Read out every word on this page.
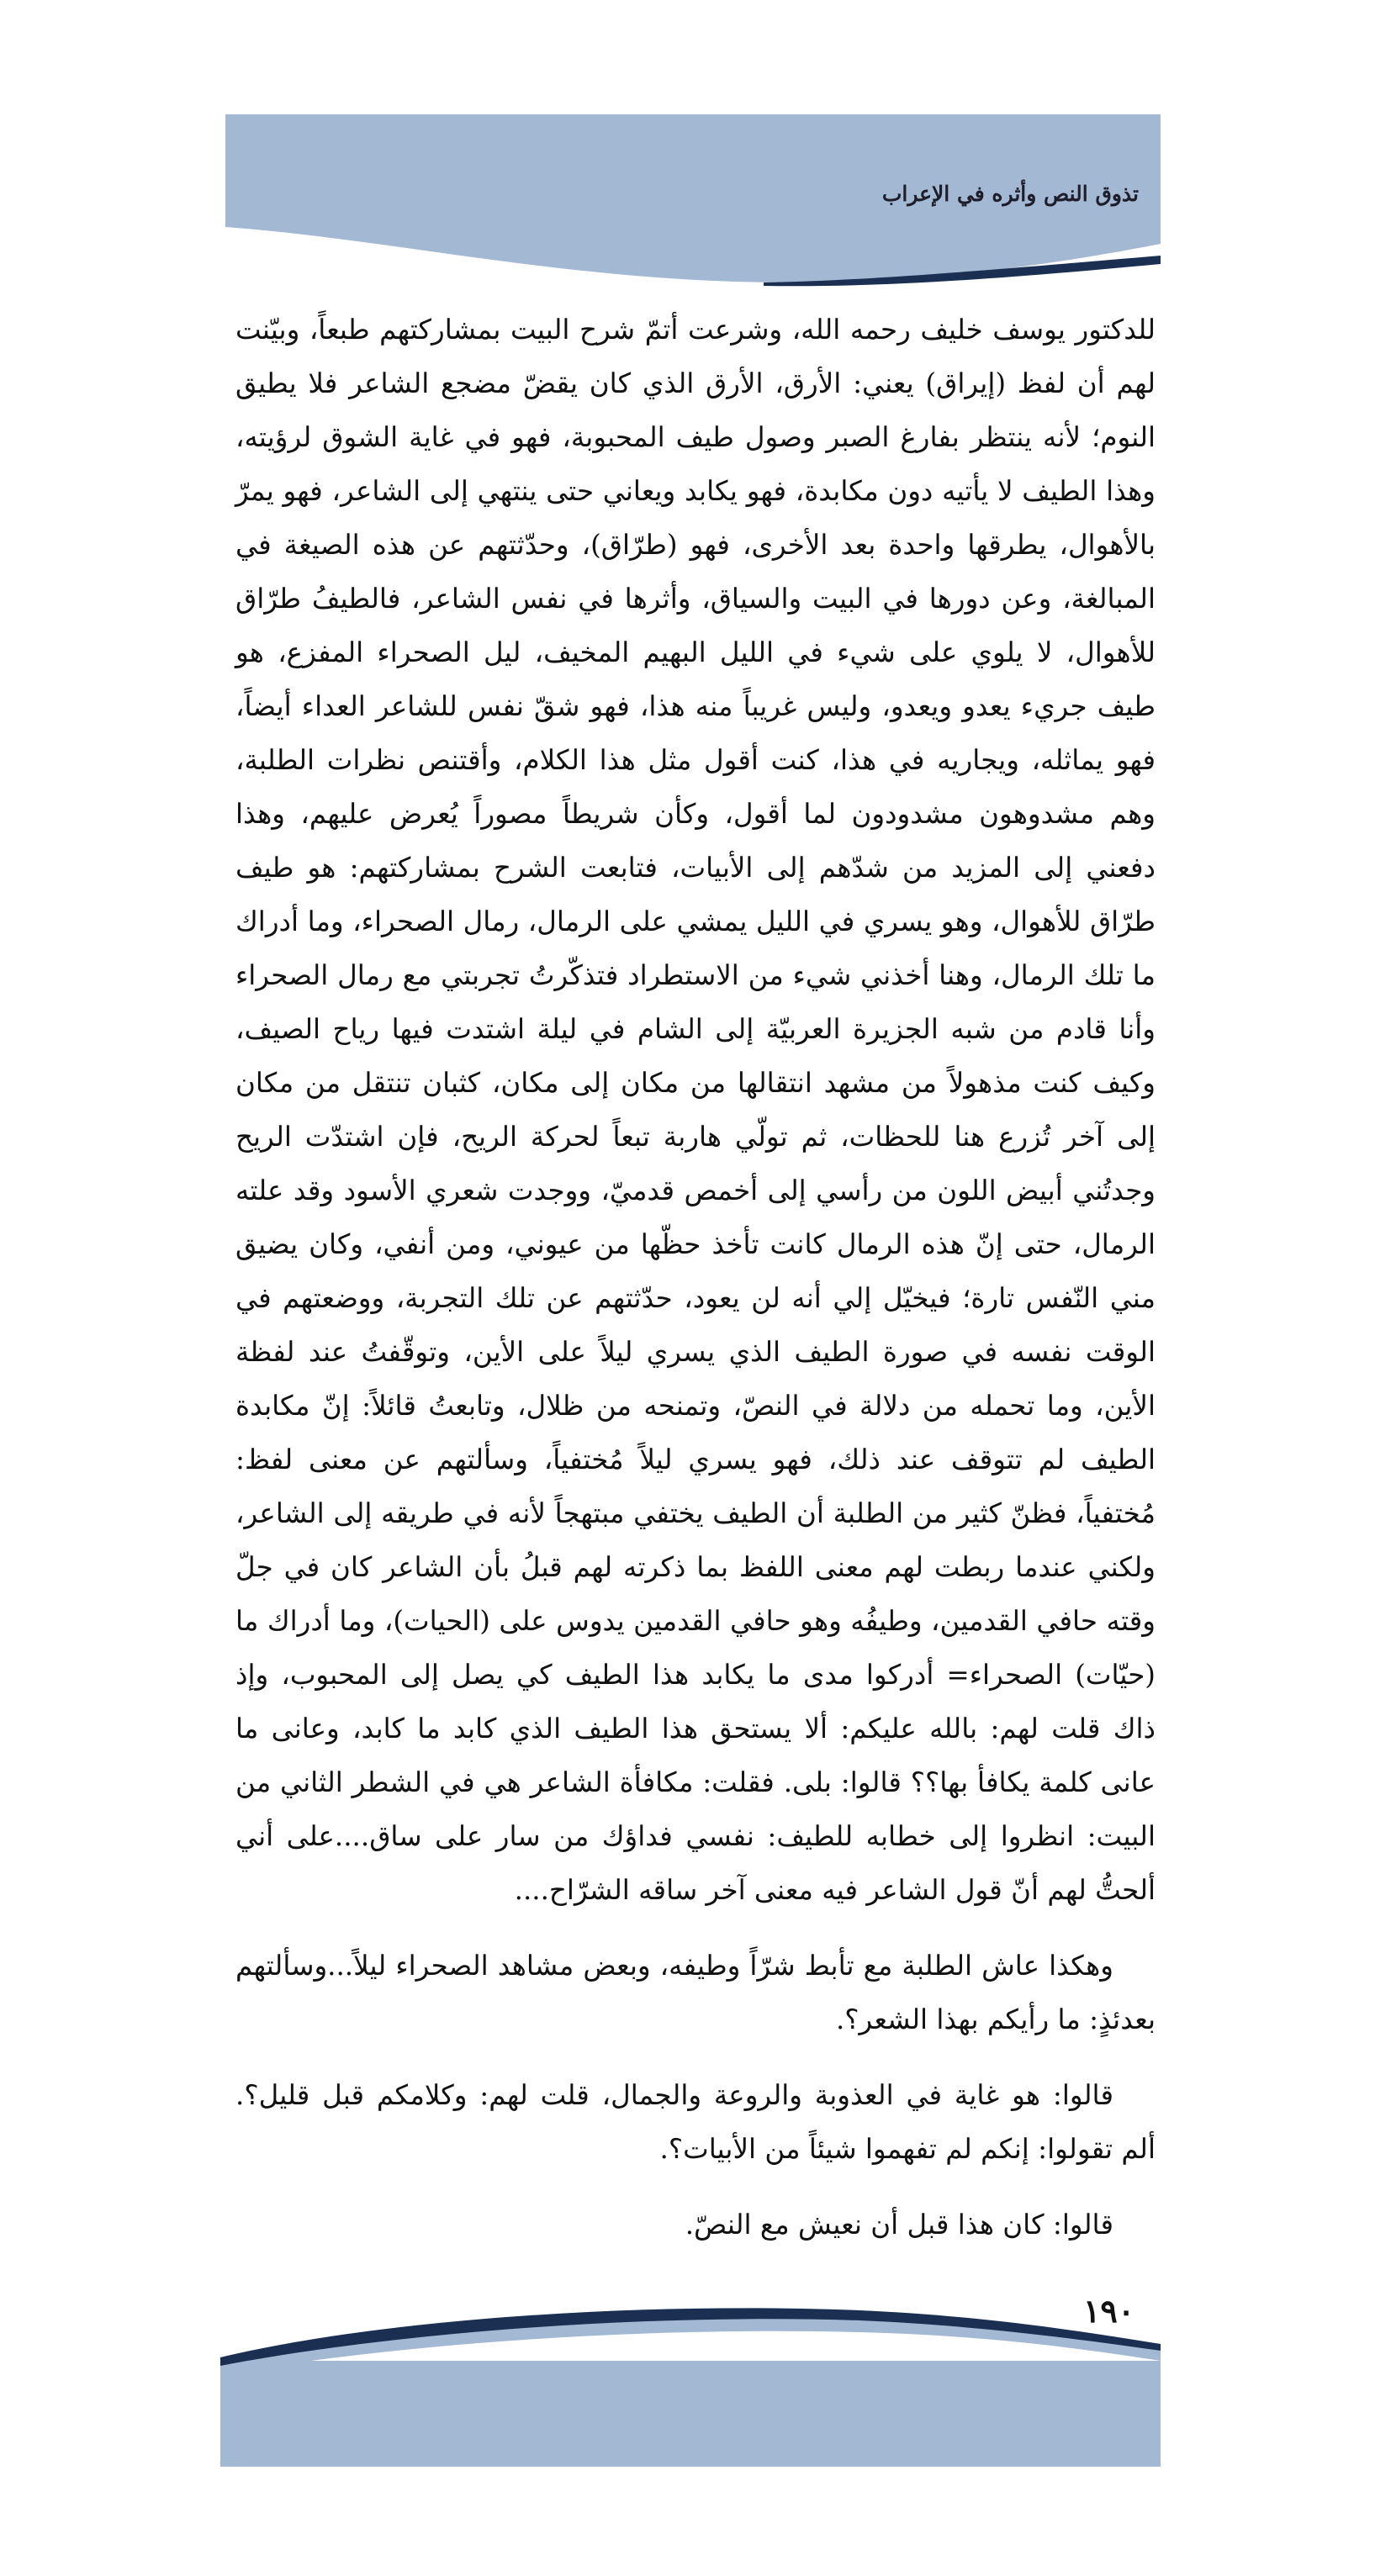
تذوق النص وأثره في الإعراب

للدكتور يوسف خليف رحمه الله، وشرعت أتمّ شرح البيت بمشاركتهم طبعاً، وبيّنت لهم أن لفظ (إيراق) يعني: الأرق، الأرق الذي كان يقضّ مضجع الشاعر فلا يطيق النوم؛ لأنه ينتظر بفارغ الصبر وصول طيف المحبوبة، فهو في غاية الشوق لرؤيته، وهذا الطيف لا يأتيه دون مكابدة، فهو يكابد ويعاني حتى ينتهي إلى الشاعر، فهو يمرّ بالأهوال، يطرقها واحدة بعد الأخرى، فهو (طرّاق)، وحدّثتهم عن هذه الصيغة في المبالغة، وعن دورها في البيت والسياق، وأثرها في نفس الشاعر، فالطيفُ طرّاق للأهوال، لا يلوي على شيء في الليل البهيم المخيف، ليل الصحراء المفزع، هو طيف جريء يعدو ويعدو، وليس غريباً منه هذا، فهو شقّ نفس للشاعر العداء أيضاً، فهو يماثله، ويجاريه في هذا، كنت أقول مثل هذا الكلام، وأقتنص نظرات الطلبة، وهم مشدوهون مشدودون لما أقول، وكأن شريطاً مصوراً يُعرض عليهم، وهذا دفعني إلى المزيد من شدّهم إلى الأبيات، فتابعت الشرح بمشاركتهم: هو طيف طرّاق للأهوال، وهو يسري في الليل يمشي على الرمال، رمال الصحراء، وما أدراك ما تلك الرمال، وهنا أخذني شيء من الاستطراد فتذكّرتُ تجربتي مع رمال الصحراء وأنا قادم من شبه الجزيرة العربيّة إلى الشام في ليلة اشتدت فيها رياح الصيف، وكيف كنت مذهولاً من مشهد انتقالها من مكان إلى مكان، كثبان تنتقل من مكان إلى آخر تُزرع هنا للحظات، ثم تولّي هاربة تبعاً لحركة الريح، فإن اشتدّت الريح وجدتُني أبيض اللون من رأسي إلى أخمص قدميّ، ووجدت شعري الأسود وقد علته الرمال، حتى إنّ هذه الرمال كانت تأخذ حظّها من عيوني، ومن أنفي، وكان يضيق مني النّفس تارة؛ فيخيّل إلي أنه لن يعود، حدّثتهم عن تلك التجربة، ووضعتهم في الوقت نفسه في صورة الطيف الذي يسري ليلاً على الأين، وتوقّفتُ عند لفظة الأين، وما تحمله من دلالة في النصّ، وتمنحه من ظلال، وتابعتُ قائلاً: إنّ مكابدة الطيف لم تتوقف عند ذلك، فهو يسري ليلاً مُختفياً، وسألتهم عن معنى لفظ: مُختفياً، فظنّ كثير من الطلبة أن الطيف يختفي مبتهجاً لأنه في طريقه إلى الشاعر، ولكني عندما ربطت لهم معنى اللفظ بما ذكرته لهم قبلُ بأن الشاعر كان في جلّ وقته حافي القدمين، وطيفُه وهو حافي القدمين يدوس على (الحيات)، وما أدراك ما (حيّات) الصحراء= أدركوا مدى ما يكابد هذا الطيف كي يصل إلى المحبوب، وإذ ذاك قلت لهم: بالله عليكم: ألا يستحق هذا الطيف الذي كابد ما كابد، وعانى ما عانى كلمة يكافأ بها؟؟ قالوا: بلى. فقلت: مكافأة الشاعر هي في الشطر الثاني من البيت: انظروا إلى خطابه للطيف: نفسي فداؤك من سار على ساق....على أني ألحتُّ لهم أنّ قول الشاعر فيه معنى آخر ساقه الشرّاح....

وهكذا عاش الطلبة مع تأبط شرّاً وطيفه، وبعض مشاهد الصحراء ليلاً...وسألتهم بعدئذٍ: ما رأيكم بهذا الشعر؟.

قالوا: هو غاية في العذوبة والروعة والجمال، قلت لهم: وكلامكم قبل قليل؟. ألم تقولوا: إنكم لم تفهموا شيئاً من الأبيات؟.

قالوا: كان هذا قبل أن نعيش مع النصّ.

١٩٠
